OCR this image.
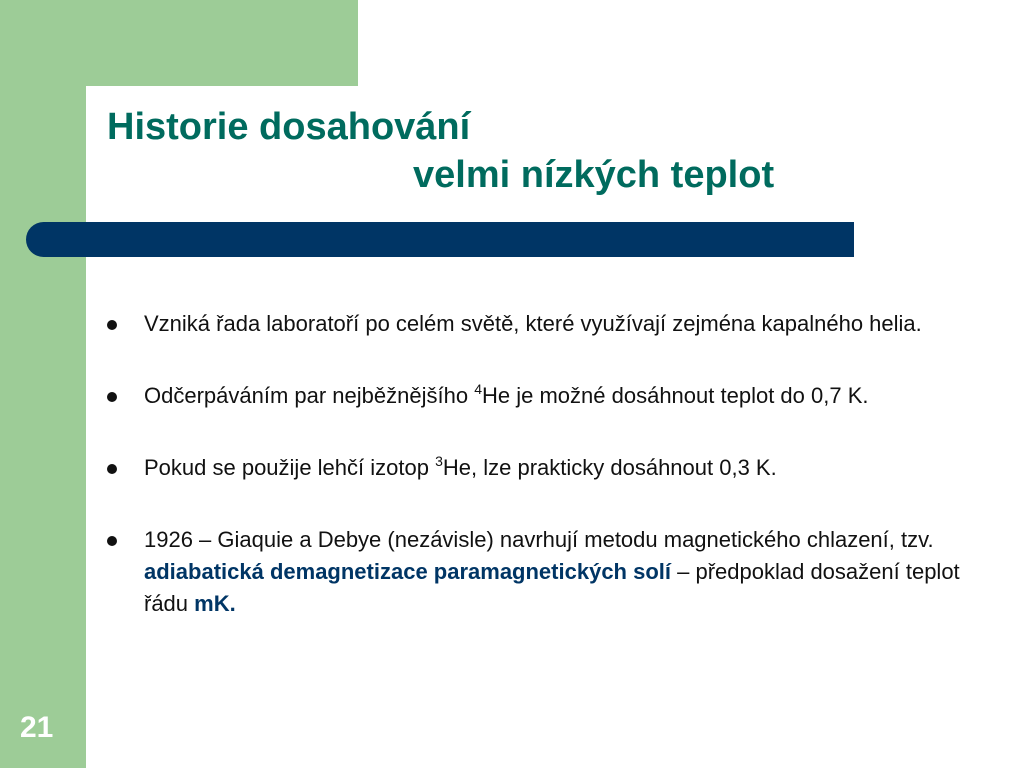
Historie dosahování
velmi nízkých teplot
Vzniká řada laboratoří po celém světě, které využívají zejména kapalného helia.
Odčerpáváním par nejběžnějšího $^4$He je možné dosáhnout teplot do 0,7 K.
Pokud se použije lehčí izotop $^3$He, lze prakticky dosáhnout 0,3 K.
1926 – Giaquie a Debye (nezávisle) navrhují metodu magnetického chlazení, tzv. adiabatická demagnetizace paramagnetických solí – předpoklad dosažení teplot řádu mK.
21
